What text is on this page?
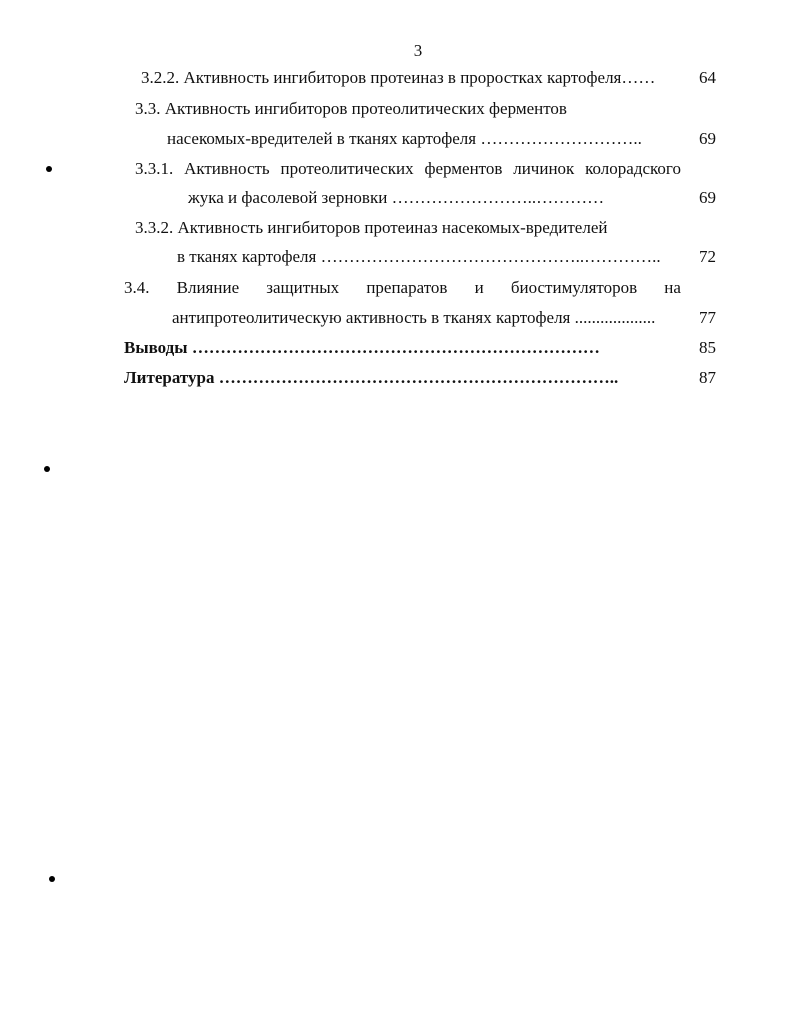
3
3.2.2. Активность ингибиторов протеиназ в проростках картофеля……	64
3.3. Активность ингибиторов протеолитических ферментов
насекомых-вредителей в тканях картофеля ………………………..	69
3.3.1. Активность протеолитических ферментов личинок колорадского
жука и фасолевой зерновки ……………………..…………	69
3.3.2. Активность ингибиторов протеиназ насекомых-вредителей
в тканях картофеля ………………………………………..………….. 72
3.4. Влияние защитных препаратов и биостимуляторов на
антипротеолитическую активность в тканях картофеля ...................	77
Выводы ………………………………………………………………	85
Литература ……………………………………………………………..	87
